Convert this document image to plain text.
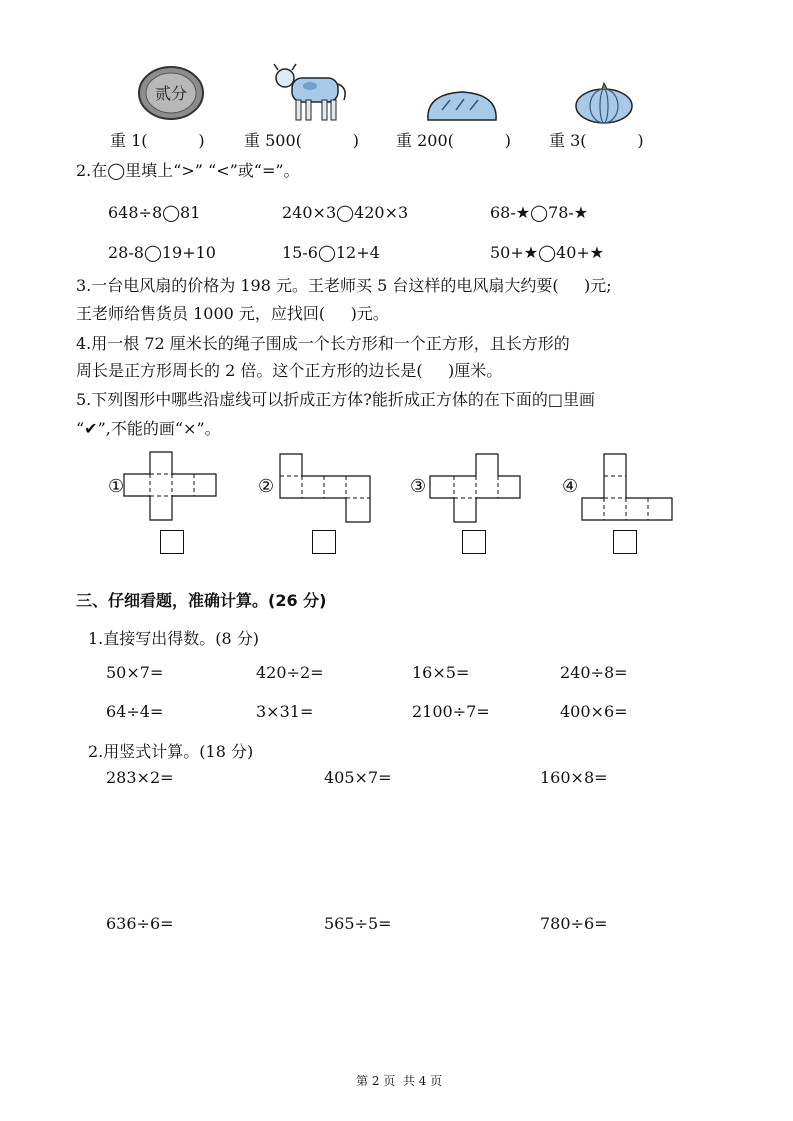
贰分
重 1(          ) 重 500(          ) 重 200(          ) 重 3(          )
2.在◯里填上“>” “<”或“=”。
648÷8◯81	240×3◯420×3	68-★◯78-★
28-8◯19+10	15-6◯12+4	50+★◯40+★
3.一台电风扇的价格为 198 元。王老师买 5 台这样的电风扇大约要(     )元;
王老师给售货员 1000 元，应找回(     )元。
4.用一根 72 厘米长的绳子围成一个长方形和一个正方形，且长方形的
周长是正方形周长的 2 倍。这个正方形的边长是(     )厘米。
5.下列图形中哪些沿虚线可以折成正方体?能折成正方体的在下面的□里画
“✔”,不能的画“×”。
①	②	③	④
三、仔细看题，准确计算。(26 分)
1.直接写出得数。(8 分)
50×7=	420÷2=	16×5=	240÷8=
64÷4=	3×31=	2100÷7=	400×6=
2.用竖式计算。(18 分)
283×2=	405×7=	160×8=
636÷6=	565÷5=	780÷6=
第 2 页  共 4 页
